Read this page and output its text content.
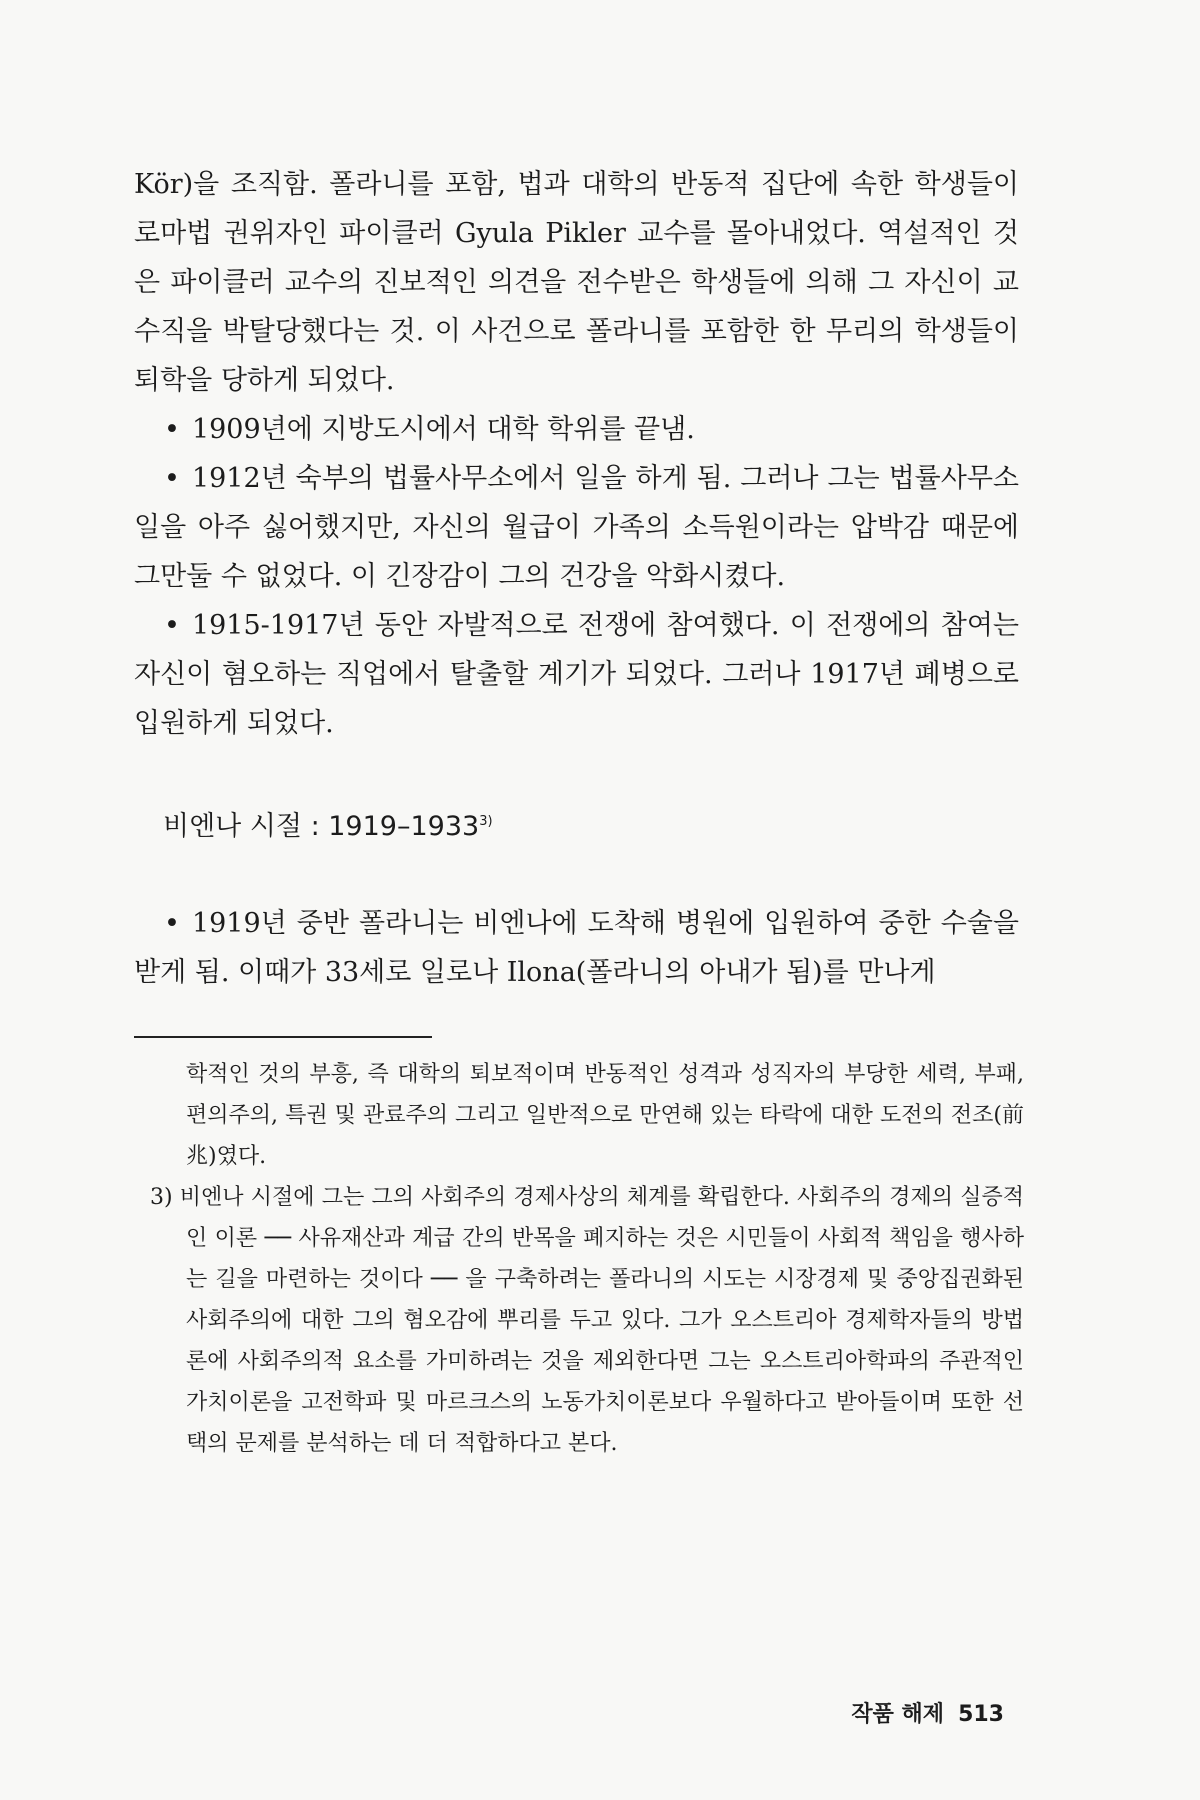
Kör)을 조직함. 폴라니를 포함, 법과 대학의 반동적 집단에 속한 학생들이 로마법 권위자인 파이클러 Gyula Pikler 교수를 몰아내었다. 역설적인 것은 파이클러 교수의 진보적인 의견을 전수받은 학생들에 의해 그 자신이 교수직을 박탈당했다는 것. 이 사건으로 폴라니를 포함한 한 무리의 학생들이 퇴학을 당하게 되었다.

• 1909년에 지방도시에서 대학 학위를 끝냄.

• 1912년 숙부의 법률사무소에서 일을 하게 됨. 그러나 그는 법률사무소 일을 아주 싫어했지만, 자신의 월급이 가족의 소득원이라는 압박감 때문에 그만둘 수 없었다. 이 긴장감이 그의 건강을 악화시켰다.

• 1915-1917년 동안 자발적으로 전쟁에 참여했다. 이 전쟁에의 참여는 자신이 혐오하는 직업에서 탈출할 계기가 되었다. 그러나 1917년 폐병으로 입원하게 되었다.

비엔나 시절 : 1919–1933$^{3)}$

• 1919년 중반 폴라니는 비엔나에 도착해 병원에 입원하여 중한 수술을 받게 됨. 이때가 33세로 일로나 Ilona(폴라니의 아내가 됨)를 만나게

학적인 것의 부흥, 즉 대학의 퇴보적이며 반동적인 성격과 성직자의 부당한 세력, 부패, 편의주의, 특권 및 관료주의 그리고 일반적으로 만연해 있는 타락에 대한 도전의 전조(前兆)였다.

3) 비엔나 시절에 그는 그의 사회주의 경제사상의 체계를 확립한다. 사회주의 경제의 실증적인 이론 ── 사유재산과 계급 간의 반목을 폐지하는 것은 시민들이 사회적 책임을 행사하는 길을 마련하는 것이다 ── 을 구축하려는 폴라니의 시도는 시장경제 및 중앙집권화된 사회주의에 대한 그의 혐오감에 뿌리를 두고 있다. 그가 오스트리아 경제학자들의 방법론에 사회주의적 요소를 가미하려는 것을 제외한다면 그는 오스트리아학파의 주관적인 가치이론을 고전학파 및 마르크스의 노동가치이론보다 우월하다고 받아들이며 또한 선택의 문제를 분석하는 데 더 적합하다고 본다.

작품 해제 513
